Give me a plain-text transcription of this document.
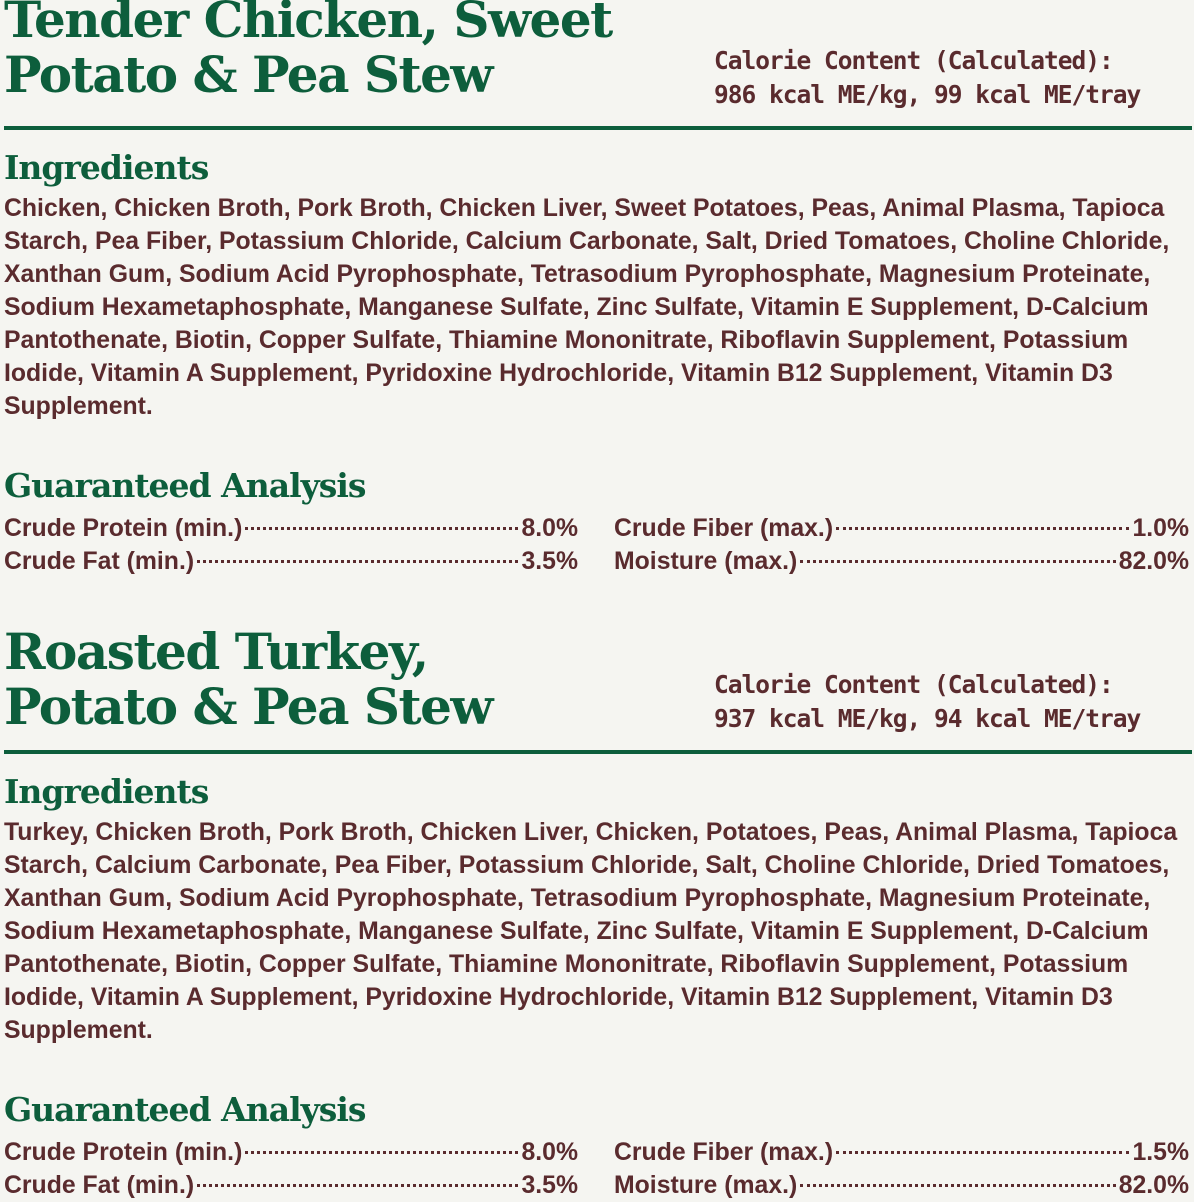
Tender Chicken, Sweet
Potato & Pea Stew	Calorie Content (Calculated):
986 kcal ME/kg, 99 kcal ME/tray
Ingredients

Chicken, Chicken Broth, Pork Broth, Chicken Liver, Sweet Potatoes, Peas, Animal Plasma, Tapioca Starch, Pea Fiber, Potassium Chloride, Calcium Carbonate, Salt, Dried Tomatoes, Choline Chloride, Xanthan Gum, Sodium Acid Pyrophosphate, Tetrasodium Pyrophosphate, Magnesium Proteinate, Sodium Hexametaphosphate, Manganese Sulfate, Zinc Sulfate, Vitamin E Supplement, D-Calcium Pantothenate, Biotin, Copper Sulfate, Thiamine Mononitrate, Riboflavin Supplement, Potassium Iodide, Vitamin A Supplement, Pyridoxine Hydrochloride, Vitamin B12 Supplement, Vitamin D3 Supplement.

Guaranteed Analysis
Crude Protein (min.)	8.0%
Crude Fat (min.)	3.5%
Crude Fiber (max.)	1.0%
Moisture (max.)	82.0%
Roasted Turkey,
Potato & Pea Stew	Calorie Content (Calculated):
937 kcal ME/kg, 94 kcal ME/tray
Ingredients

Turkey, Chicken Broth, Pork Broth, Chicken Liver, Chicken, Potatoes, Peas, Animal Plasma, Tapioca Starch, Calcium Carbonate, Pea Fiber, Potassium Chloride, Salt, Choline Chloride, Dried Tomatoes, Xanthan Gum, Sodium Acid Pyrophosphate, Tetrasodium Pyrophosphate, Magnesium Proteinate, Sodium Hexametaphosphate, Manganese Sulfate, Zinc Sulfate, Vitamin E Supplement, D-Calcium Pantothenate, Biotin, Copper Sulfate, Thiamine Mononitrate, Riboflavin Supplement, Potassium Iodide, Vitamin A Supplement, Pyridoxine Hydrochloride, Vitamin B12 Supplement, Vitamin D3 Supplement.

Guaranteed Analysis
Crude Protein (min.)	8.0%
Crude Fat (min.)	3.5%
Crude Fiber (max.)	1.5%
Moisture (max.)	82.0%
